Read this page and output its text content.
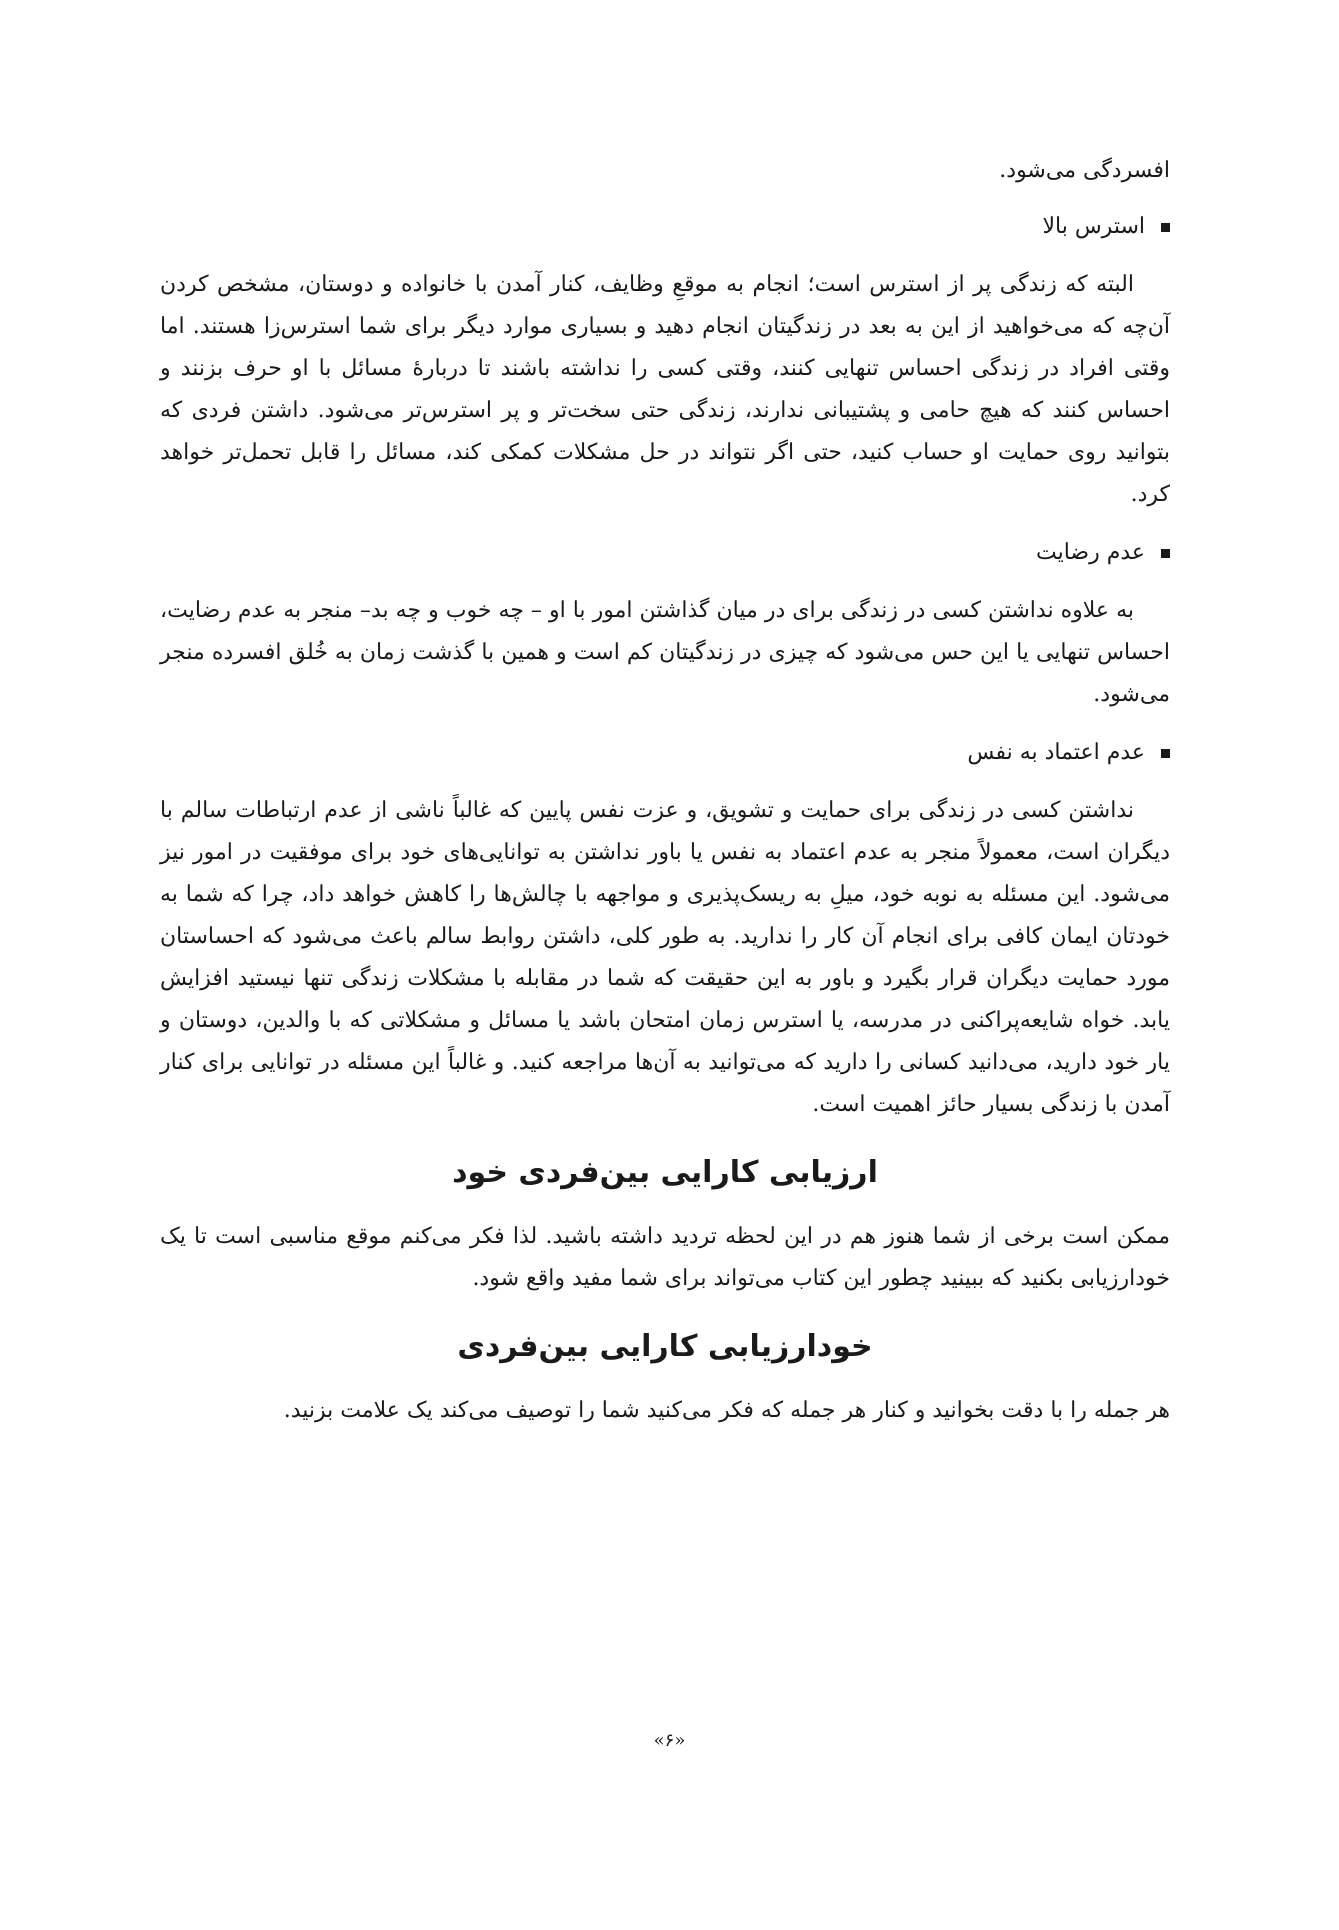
افسردگی می‌شود.

استرس بالا

البته که زندگی پر از استرس است؛ انجام به موقعِ وظایف، کنار آمدن با خانواده و دوستان، مشخص کردن آن‌چه که می‌خواهید از این به بعد در زندگیتان انجام دهید و بسیاری موارد دیگر برای شما استرس‌زا هستند. اما وقتی افراد در زندگی احساس تنهایی کنند، وقتی کسی را نداشته باشند تا دربارهٔ مسائل با او حرف بزنند و احساس کنند که هیچ حامی و پشتیبانی ندارند، زندگی حتی سخت‌تر و پر استرس‌تر می‌شود. داشتن فردی که بتوانید روی حمایت او حساب کنید، حتی اگر نتواند در حل مشکلات کمکی کند، مسائل را قابل تحمل‌تر خواهد کرد.

عدم رضایت

به علاوه نداشتن کسی در زندگی برای در میان گذاشتن امور با او – چه خوب و چه بد– منجر به عدم رضایت، احساس تنهایی یا این حس می‌شود که چیزی در زندگیتان کم است و همین با گذشت زمان به خُلق افسرده منجر می‌شود.

عدم اعتماد به نفس

نداشتن کسی در زندگی برای حمایت و تشویق، و عزت نفس پایین که غالباً ناشی از عدم ارتباطات سالم با دیگران است، معمولاً منجر به عدم اعتماد به نفس یا باور نداشتن به توانایی‌های خود برای موفقیت در امور نیز می‌شود. این مسئله به نوبه خود، میلِ به ریسک‌پذیری و مواجهه با چالش‌ها را کاهش خواهد داد، چرا که شما به خودتان ایمان کافی برای انجام آن کار را ندارید. به طور کلی، داشتن روابط سالم باعث می‌شود که احساستان مورد حمایت دیگران قرار بگیرد و باور به این حقیقت که شما در مقابله با مشکلات زندگی تنها نیستید افزایش یابد. خواه شایعه‌پراکنی در مدرسه، یا استرس زمان امتحان باشد یا مسائل و مشکلاتی که با والدین، دوستان و یار خود دارید، می‌دانید کسانی را دارید که می‌توانید به آن‌ها مراجعه کنید. و غالباً این مسئله در توانایی برای کنار آمدن با زندگی بسیار حائز اهمیت است.

ارزیابی کارایی بین‌فردی خود

ممکن است برخی از شما هنوز هم در این لحظه تردید داشته باشید. لذا فکر می‌کنم موقع مناسبی است تا یک خودارزیابی بکنید که ببینید چطور این کتاب می‌تواند برای شما مفید واقع شود.

خودارزیابی کارایی بین‌فردی

هر جمله را با دقت بخوانید و کنار هر جمله که فکر می‌کنید شما را توصیف می‌کند یک علامت بزنید.

«۶»
